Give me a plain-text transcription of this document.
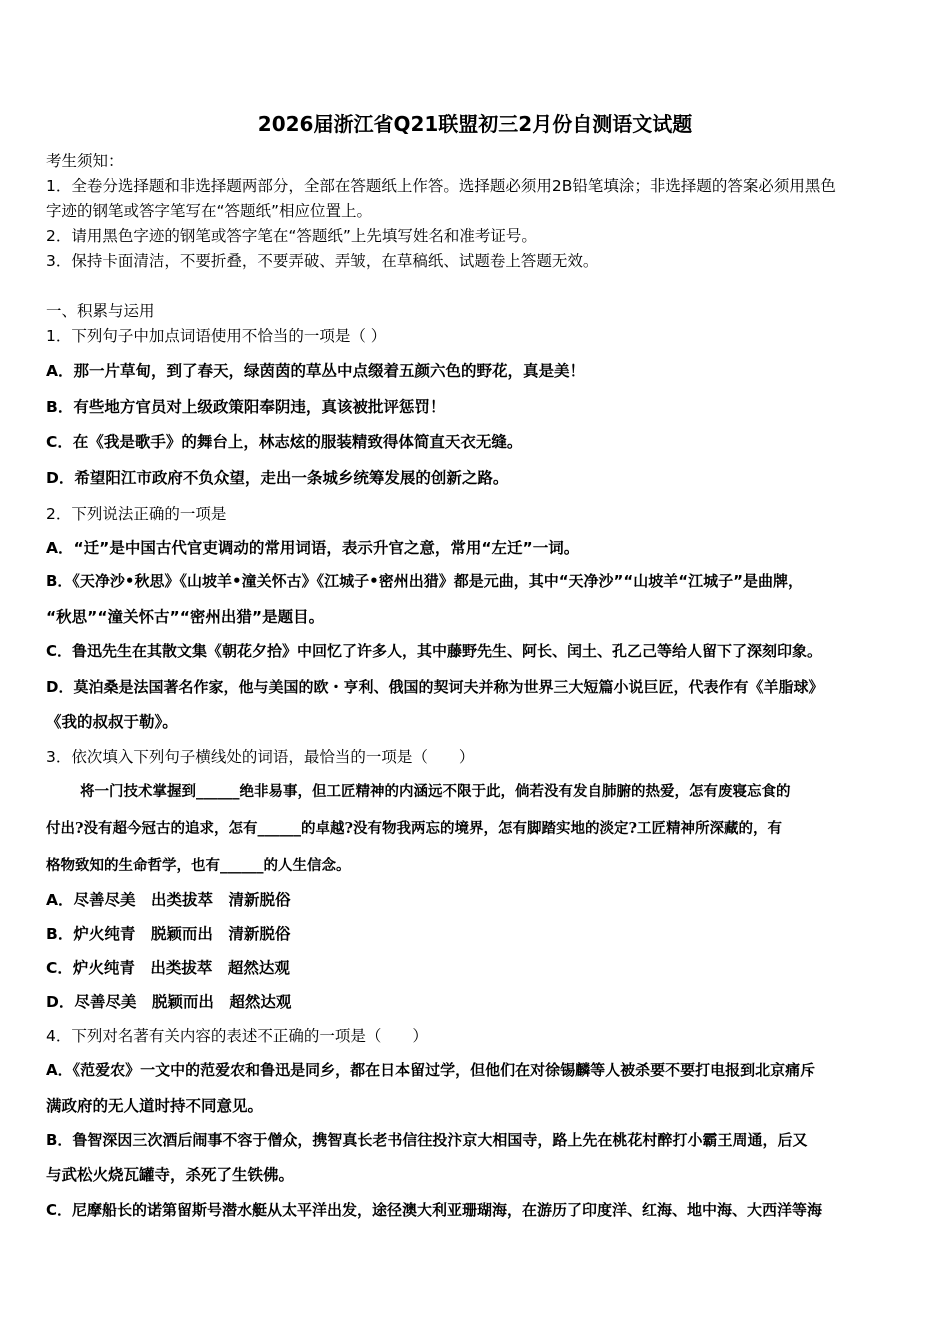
2026届浙江省Q21联盟初三2月份自测语文试题
考生须知：
1．全卷分选择题和非选择题两部分，全部在答题纸上作答。选择题必须用2B铅笔填涂；非选择题的答案必须用黑色
字迹的钢笔或答字笔写在“答题纸”相应位置上。
2．请用黑色字迹的钢笔或答字笔在“答题纸”上先填写姓名和准考证号。
3．保持卡面清洁，不要折叠，不要弄破、弄皱，在草稿纸、试题卷上答题无效。
一、积累与运用
1．下列句子中加点词语使用不恰当的一项是（ ）
A．那一片草甸，到了春天，绿茵茵的草丛中点缀着五颜六色的野花，真是美！
B．有些地方官员对上级政策阳奉阴违，真该被批评惩罚！
C．在《我是歌手》的舞台上，林志炫的服装精致得体简直天衣无缝。
D．希望阳江市政府不负众望，走出一条城乡统筹发展的创新之路。
2．下列说法正确的一项是
A．“迁”是中国古代官吏调动的常用词语，表示升官之意，常用“左迁”一词。
B．《天净沙•秋思》《山坡羊•潼关怀古》《江城子•密州出猎》都是元曲，其中“天净沙”“山坡羊“江城子”是曲牌，
“秋思”“潼关怀古”“密州出猎”是题目。
C．鲁迅先生在其散文集《朝花夕拾》中回忆了许多人，其中藤野先生、阿长、闰土、孔乙己等给人留下了深刻印象。
D．莫泊桑是法国著名作家，他与美国的欧・亨利、俄国的契诃夫并称为世界三大短篇小说巨匠，代表作有《羊脂球》
《我的叔叔于勒》。
3．依次填入下列句子横线处的词语，最恰当的一项是（　　）
将一门技术掌握到______绝非易事，但工匠精神的内涵远不限于此，倘若没有发自肺腑的热爱，怎有废寝忘食的
付出?没有超今冠古的追求，怎有______的卓越?没有物我两忘的境界，怎有脚踏实地的淡定?工匠精神所深藏的，有
格物致知的生命哲学，也有______的人生信念。
A．尽善尽美　出类拔萃　清新脱俗
B．炉火纯青　脱颖而出　清新脱俗
C．炉火纯青　出类拔萃　超然达观
D．尽善尽美　脱颖而出　超然达观
4．下列对名著有关内容的表述不正确的一项是（　　）
A．《范爱农》一文中的范爱农和鲁迅是同乡，都在日本留过学，但他们在对徐锡麟等人被杀要不要打电报到北京痛斥
满政府的无人道时持不同意见。
B．鲁智深因三次酒后闹事不容于僧众，携智真长老书信往投汴京大相国寺，路上先在桃花村醉打小霸王周通，后又
与武松火烧瓦罐寺，杀死了生铁佛。
C．尼摩船长的诺第留斯号潜水艇从太平洋出发，途径澳大利亚珊瑚海，在游历了印度洋、红海、地中海、大西洋等海
